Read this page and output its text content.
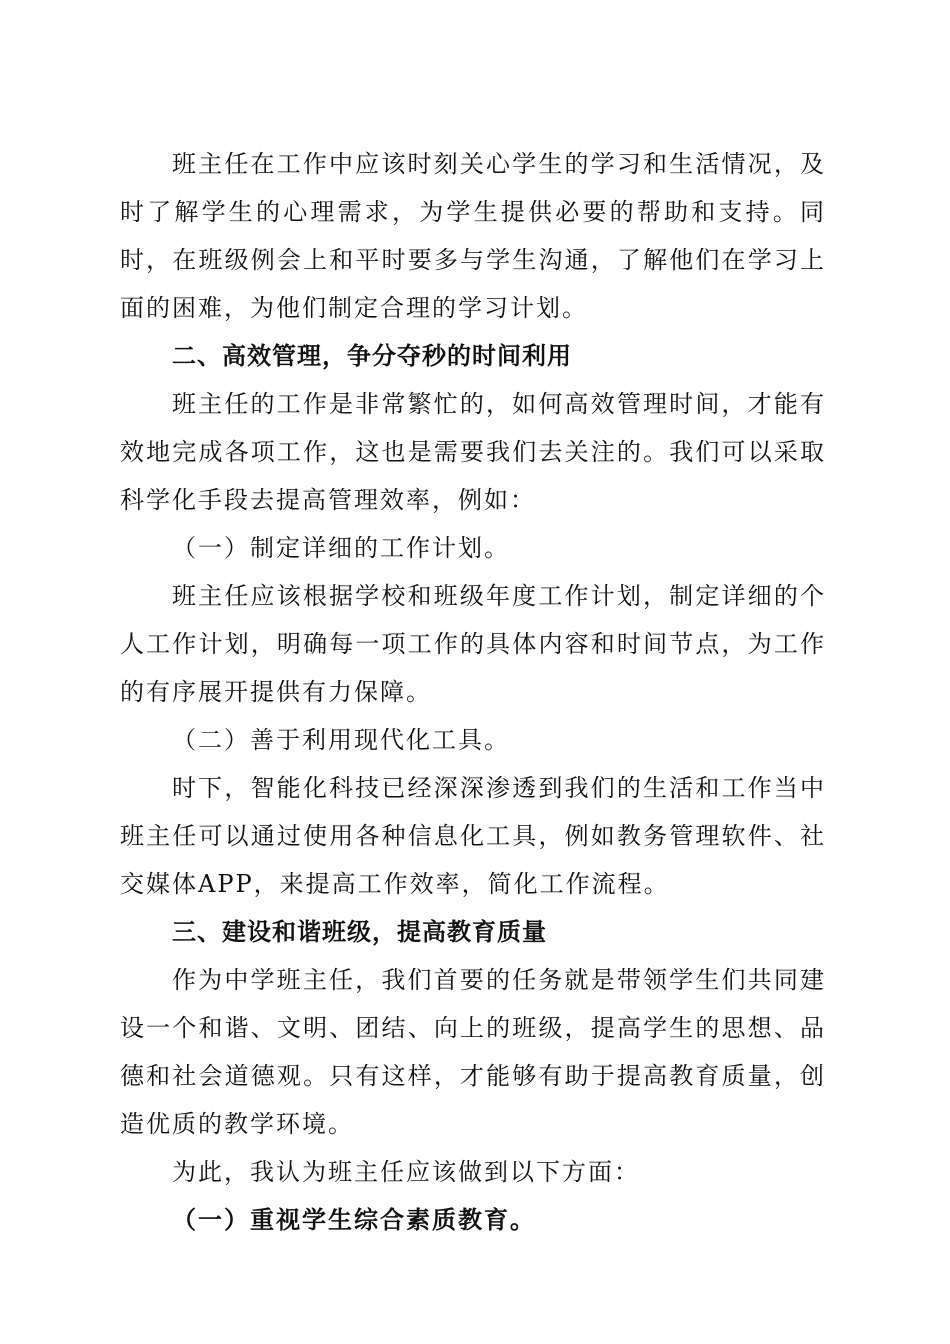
班主任在工作中应该时刻关心学生的学习和生活情况，及时了解学生的心理需求，为学生提供必要的帮助和支持。同时，在班级例会上和平时要多与学生沟通，了解他们在学习上面的困难，为他们制定合理的学习计划。

二、高效管理，争分夺秒的时间利用

班主任的工作是非常繁忙的，如何高效管理时间，才能有效地完成各项工作，这也是需要我们去关注的。我们可以采取科学化手段去提高管理效率，例如：

（一）制定详细的工作计划。

班主任应该根据学校和班级年度工作计划，制定详细的个人工作计划，明确每一项工作的具体内容和时间节点，为工作的有序展开提供有力保障。

（二）善于利用现代化工具。

时下，智能化科技已经深深渗透到我们的生活和工作当中班主任可以通过使用各种信息化工具，例如教务管理软件、社交媒体APP，来提高工作效率，简化工作流程。

三、建设和谐班级，提高教育质量

作为中学班主任，我们首要的任务就是带领学生们共同建设一个和谐、文明、团结、向上的班级，提高学生的思想、品德和社会道德观。只有这样，才能够有助于提高教育质量，创造优质的教学环境。

为此，我认为班主任应该做到以下方面：

（一）重视学生综合素质教育。
